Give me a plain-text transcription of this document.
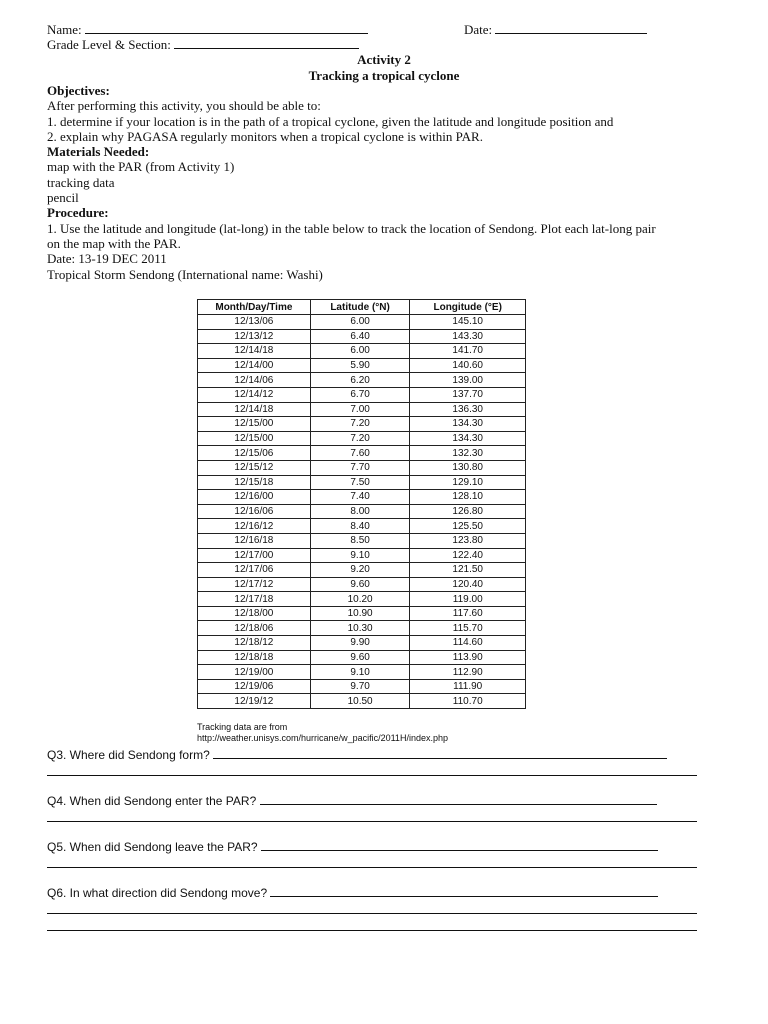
Name:	Date:
Grade Level & Section:
Activity 2
Tracking a tropical cyclone
Objectives:
After performing this activity, you should be able to:
1. determine if your location is in the path of a tropical cyclone, given the latitude and longitude position and
2. explain why PAGASA regularly monitors when a tropical cyclone is within PAR.
Materials Needed:
map with the PAR (from Activity 1)
tracking data
pencil
Procedure:
1. Use the latitude and longitude (lat-long) in the table below to track the location of Sendong. Plot each lat-long pair
on the map with the PAR.
Date: 13-19 DEC 2011
Tropical Storm Sendong (International name: Washi)
Month/Day/Time	Latitude (°N)	Longitude (°E)
12/13/06	6.00	145.10
12/13/12	6.40	143.30
12/14/18	6.00	141.70
12/14/00	5.90	140.60
12/14/06	6.20	139.00
12/14/12	6.70	137.70
12/14/18	7.00	136.30
12/15/00	7.20	134.30
12/15/00	7.20	134.30
12/15/06	7.60	132.30
12/15/12	7.70	130.80
12/15/18	7.50	129.10
12/16/00	7.40	128.10
12/16/06	8.00	126.80
12/16/12	8.40	125.50
12/16/18	8.50	123.80
12/17/00	9.10	122.40
12/17/06	9.20	121.50
12/17/12	9.60	120.40
12/17/18	10.20	119.00
12/18/00	10.90	117.60
12/18/06	10.30	115.70
12/18/12	9.90	114.60
12/18/18	9.60	113.90
12/19/00	9.10	112.90
12/19/06	9.70	111.90
12/19/12	10.50	110.70
Tracking data are from
http://weather.unisys.com/hurricane/w_pacific/2011H/index.php
Q3. Where did Sendong form?
Q4. When did Sendong enter the PAR?
Q5. When did Sendong leave the PAR?
Q6. In what direction did Sendong move?
